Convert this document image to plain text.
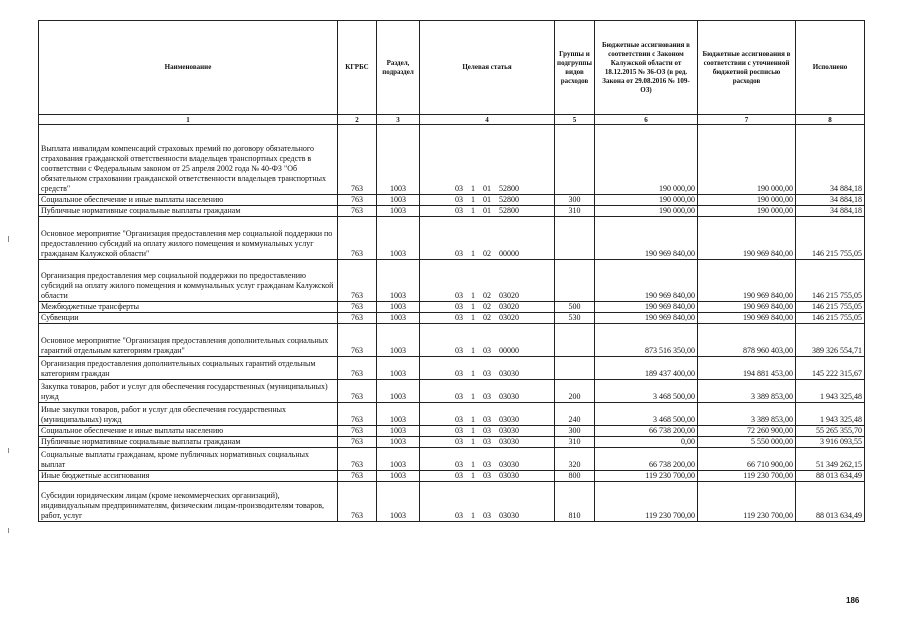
Наименование	КГРБС	Раздел, подраздел	Целевая статья	Группы и подгруппы видов расходов	Бюджетные ассигнования в соответствии с Законом Калужской области от 18.12.2015 № 36-ОЗ (в ред. Закона от 29.08.2016 № 109-ОЗ)	Бюджетные ассигнования в соответствии с уточненной бюджетной росписью расходов	Исполнено
1	2	3	4	5	6	7	8
Выплата инвалидам компенсаций страховых премий по договору обязательного страхования гражданской ответственности владельцев транспортных средств в соответствии с Федеральным законом от 25 апреля 2002 года № 40-ФЗ "Об обязательном страховании гражданской ответственности владельцев транспортных средств"	763	1003	03 1 01 52800		190 000,00	190 000,00	34 884,18
Социальное обеспечение и иные выплаты населению	763	1003	03 1 01 52800	300	190 000,00	190 000,00	34 884,18
Публичные нормативные социальные выплаты гражданам	763	1003	03 1 01 52800	310	190 000,00	190 000,00	34 884,18
Основное мероприятие "Организация предоставления мер социальной поддержки по предоставлению субсидий на оплату жилого помещения и коммунальных услуг гражданам Калужской области"	763	1003	03 1 02 00000		190 969 840,00	190 969 840,00	146 215 755,05
Организация предоставления мер социальной поддержки по предоставлению субсидий на оплату жилого помещения и коммунальных услуг гражданам Калужской области	763	1003	03 1 02 03020		190 969 840,00	190 969 840,00	146 215 755,05
Межбюджетные трансферты	763	1003	03 1 02 03020	500	190 969 840,00	190 969 840,00	146 215 755,05
Субвенции	763	1003	03 1 02 03020	530	190 969 840,00	190 969 840,00	146 215 755,05
Основное мероприятие "Организация предоставления дополнительных социальных гарантий отдельным категориям граждан"	763	1003	03 1 03 00000		873 516 350,00	878 960 403,00	389 326 554,71
Организация предоставления дополнительных социальных гарантий отдельным категориям граждан	763	1003	03 1 03 03030		189 437 400,00	194 881 453,00	145 222 315,67
Закупка товаров, работ и услуг для обеспечения государственных (муниципальных) нужд	763	1003	03 1 03 03030	200	3 468 500,00	3 389 853,00	1 943 325,48
Иные закупки товаров, работ и услуг для обеспечения государственных (муниципальных) нужд	763	1003	03 1 03 03030	240	3 468 500,00	3 389 853,00	1 943 325,48
Социальное обеспечение и иные выплаты населению	763	1003	03 1 03 03030	300	66 738 200,00	72 260 900,00	55 265 355,70
Публичные нормативные социальные выплаты гражданам	763	1003	03 1 03 03030	310	0,00	5 550 000,00	3 916 093,55
Социальные выплаты гражданам, кроме публичных нормативных социальных выплат	763	1003	03 1 03 03030	320	66 738 200,00	66 710 900,00	51 349 262,15
Иные бюджетные ассигнования	763	1003	03 1 03 03030	800	119 230 700,00	119 230 700,00	88 013 634,49
Субсидии юридическим лицам (кроме некоммерческих организаций), индивидуальным предпринимателям, физическим лицам-производителям товаров, работ, услуг	763	1003	03 1 03 03030	810	119 230 700,00	119 230 700,00	88 013 634,49
186
